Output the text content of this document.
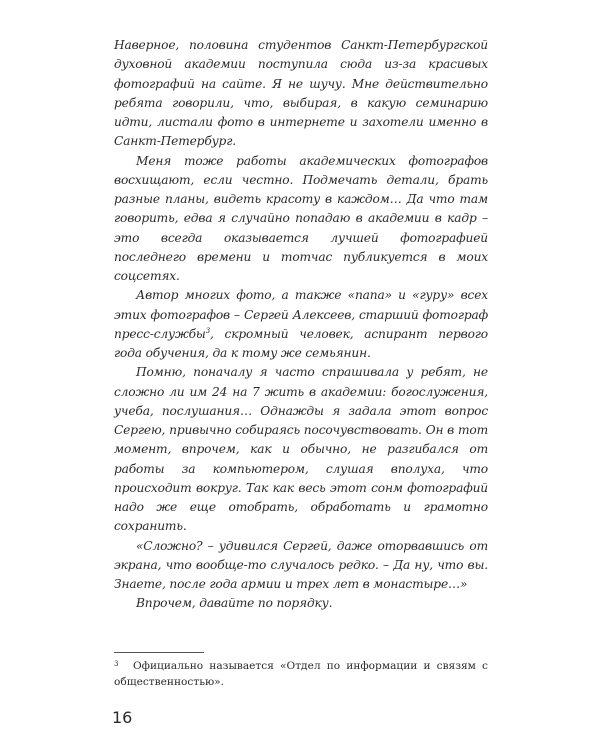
Наверное, половина студентов Санкт-Петербургской духовной академии поступила сюда из-за красивых фотографий на сайте. Я не шучу. Мне действительно ребята говорили, что, выбирая, в какую семинарию идти, листали фото в интернете и захотели именно в Санкт-Петербург.

Меня тоже работы академических фотографов восхищают, если честно. Подмечать детали, брать разные планы, видеть красоту в каждом… Да что там говорить, едва я случайно попадаю в академии в кадр – это всегда оказывается лучшей фотографией последнего времени и тотчас публикуется в моих соцсетях.

Автор многих фото, а также «папа» и «гуру» всех этих фотографов – Сергей Алексеев, старший фотограф пресс-службы$^3$, скромный человек, аспирант первого года обучения, да к тому же семьянин.

Помню, поначалу я часто спрашивала у ребят, не сложно ли им 24 на 7 жить в академии: богослужения, учеба, послушания… Однажды я задала этот вопрос Сергею, привычно собираясь посочувствовать. Он в тот момент, впрочем, как и обычно, не разгибался от работы за компьютером, слушая вполуха, что происходит вокруг. Так как весь этот сонм фотографий надо же еще отобрать, обработать и грамотно сохранить.

«Сложно? – удивился Сергей, даже оторвавшись от экрана, что вообще-то случалось редко. – Да ну, что вы. Знаете, после года армии и трех лет в монастыре…»

Впрочем, давайте по порядку.

3 Официально называется «Отдел по информации и связям с общественностью».
16
